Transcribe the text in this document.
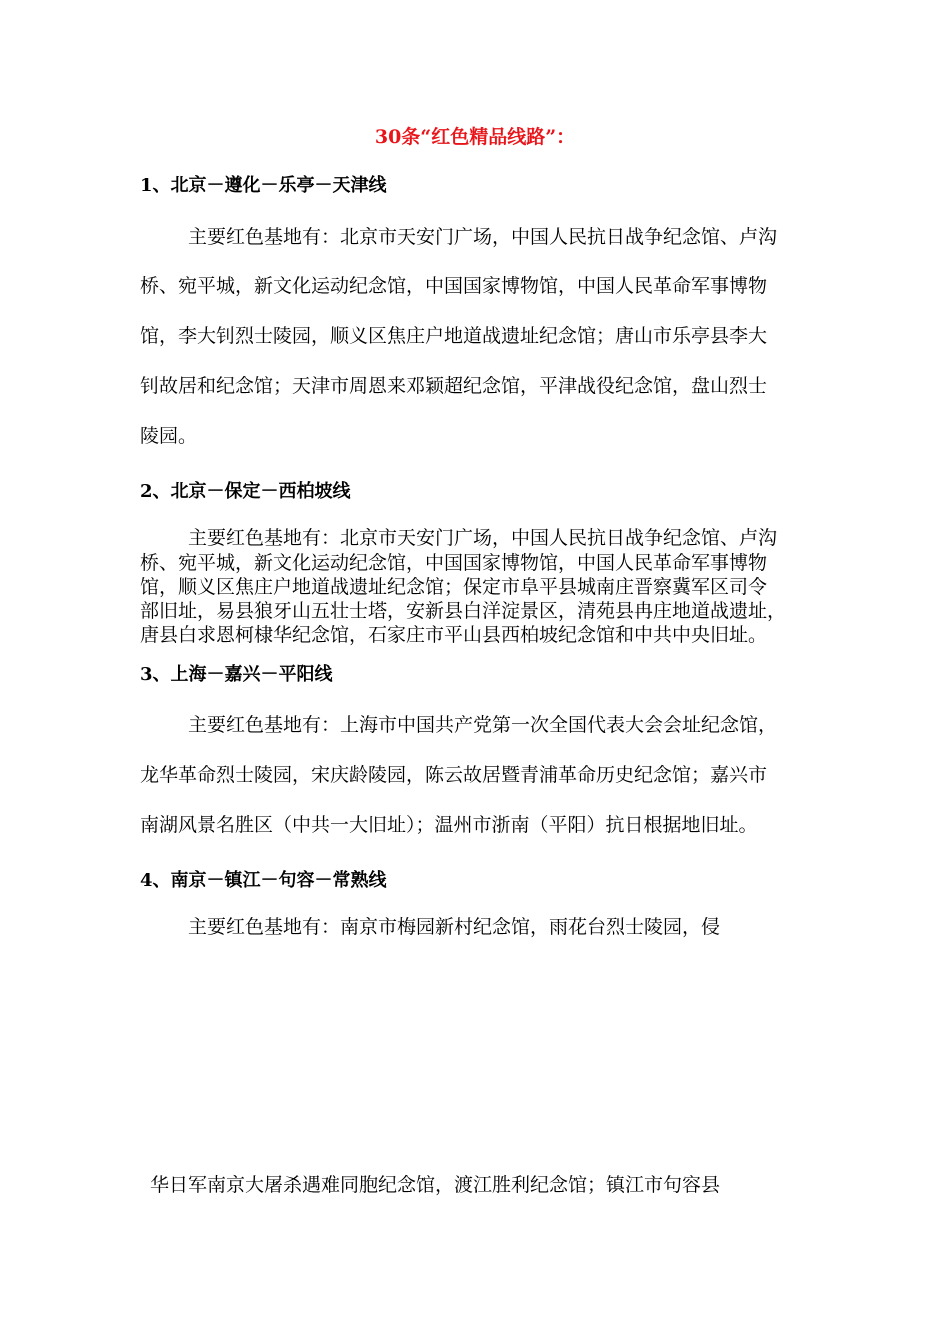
30条“红色精品线路”：
1、北京－遵化－乐亭－天津线
主要红色基地有：北京市天安门广场，中国人民抗日战争纪念馆、卢沟
桥、宛平城，新文化运动纪念馆，中国国家博物馆，中国人民革命军事博物
馆，李大钊烈士陵园，顺义区焦庄户地道战遗址纪念馆；唐山市乐亭县李大
钊故居和纪念馆；天津市周恩来邓颖超纪念馆，平津战役纪念馆，盘山烈士
陵园。
2、北京－保定－西柏坡线
主要红色基地有：北京市天安门广场，中国人民抗日战争纪念馆、卢沟
桥、宛平城，新文化运动纪念馆，中国国家博物馆，中国人民革命军事博物
馆，顺义区焦庄户地道战遗址纪念馆；保定市阜平县城南庄晋察冀军区司令
部旧址，易县狼牙山五壮士塔，安新县白洋淀景区，清苑县冉庄地道战遗址，
唐县白求恩柯棣华纪念馆，石家庄市平山县西柏坡纪念馆和中共中央旧址。
3、上海－嘉兴－平阳线
主要红色基地有：上海市中国共产党第一次全国代表大会会址纪念馆，
龙华革命烈士陵园，宋庆龄陵园，陈云故居暨青浦革命历史纪念馆；嘉兴市
南湖风景名胜区（中共一大旧址）；温州市浙南（平阳）抗日根据地旧址。
4、南京－镇江－句容－常熟线
主要红色基地有：南京市梅园新村纪念馆，雨花台烈士陵园，侵
华日军南京大屠杀遇难同胞纪念馆，渡江胜利纪念馆；镇江市句容县
